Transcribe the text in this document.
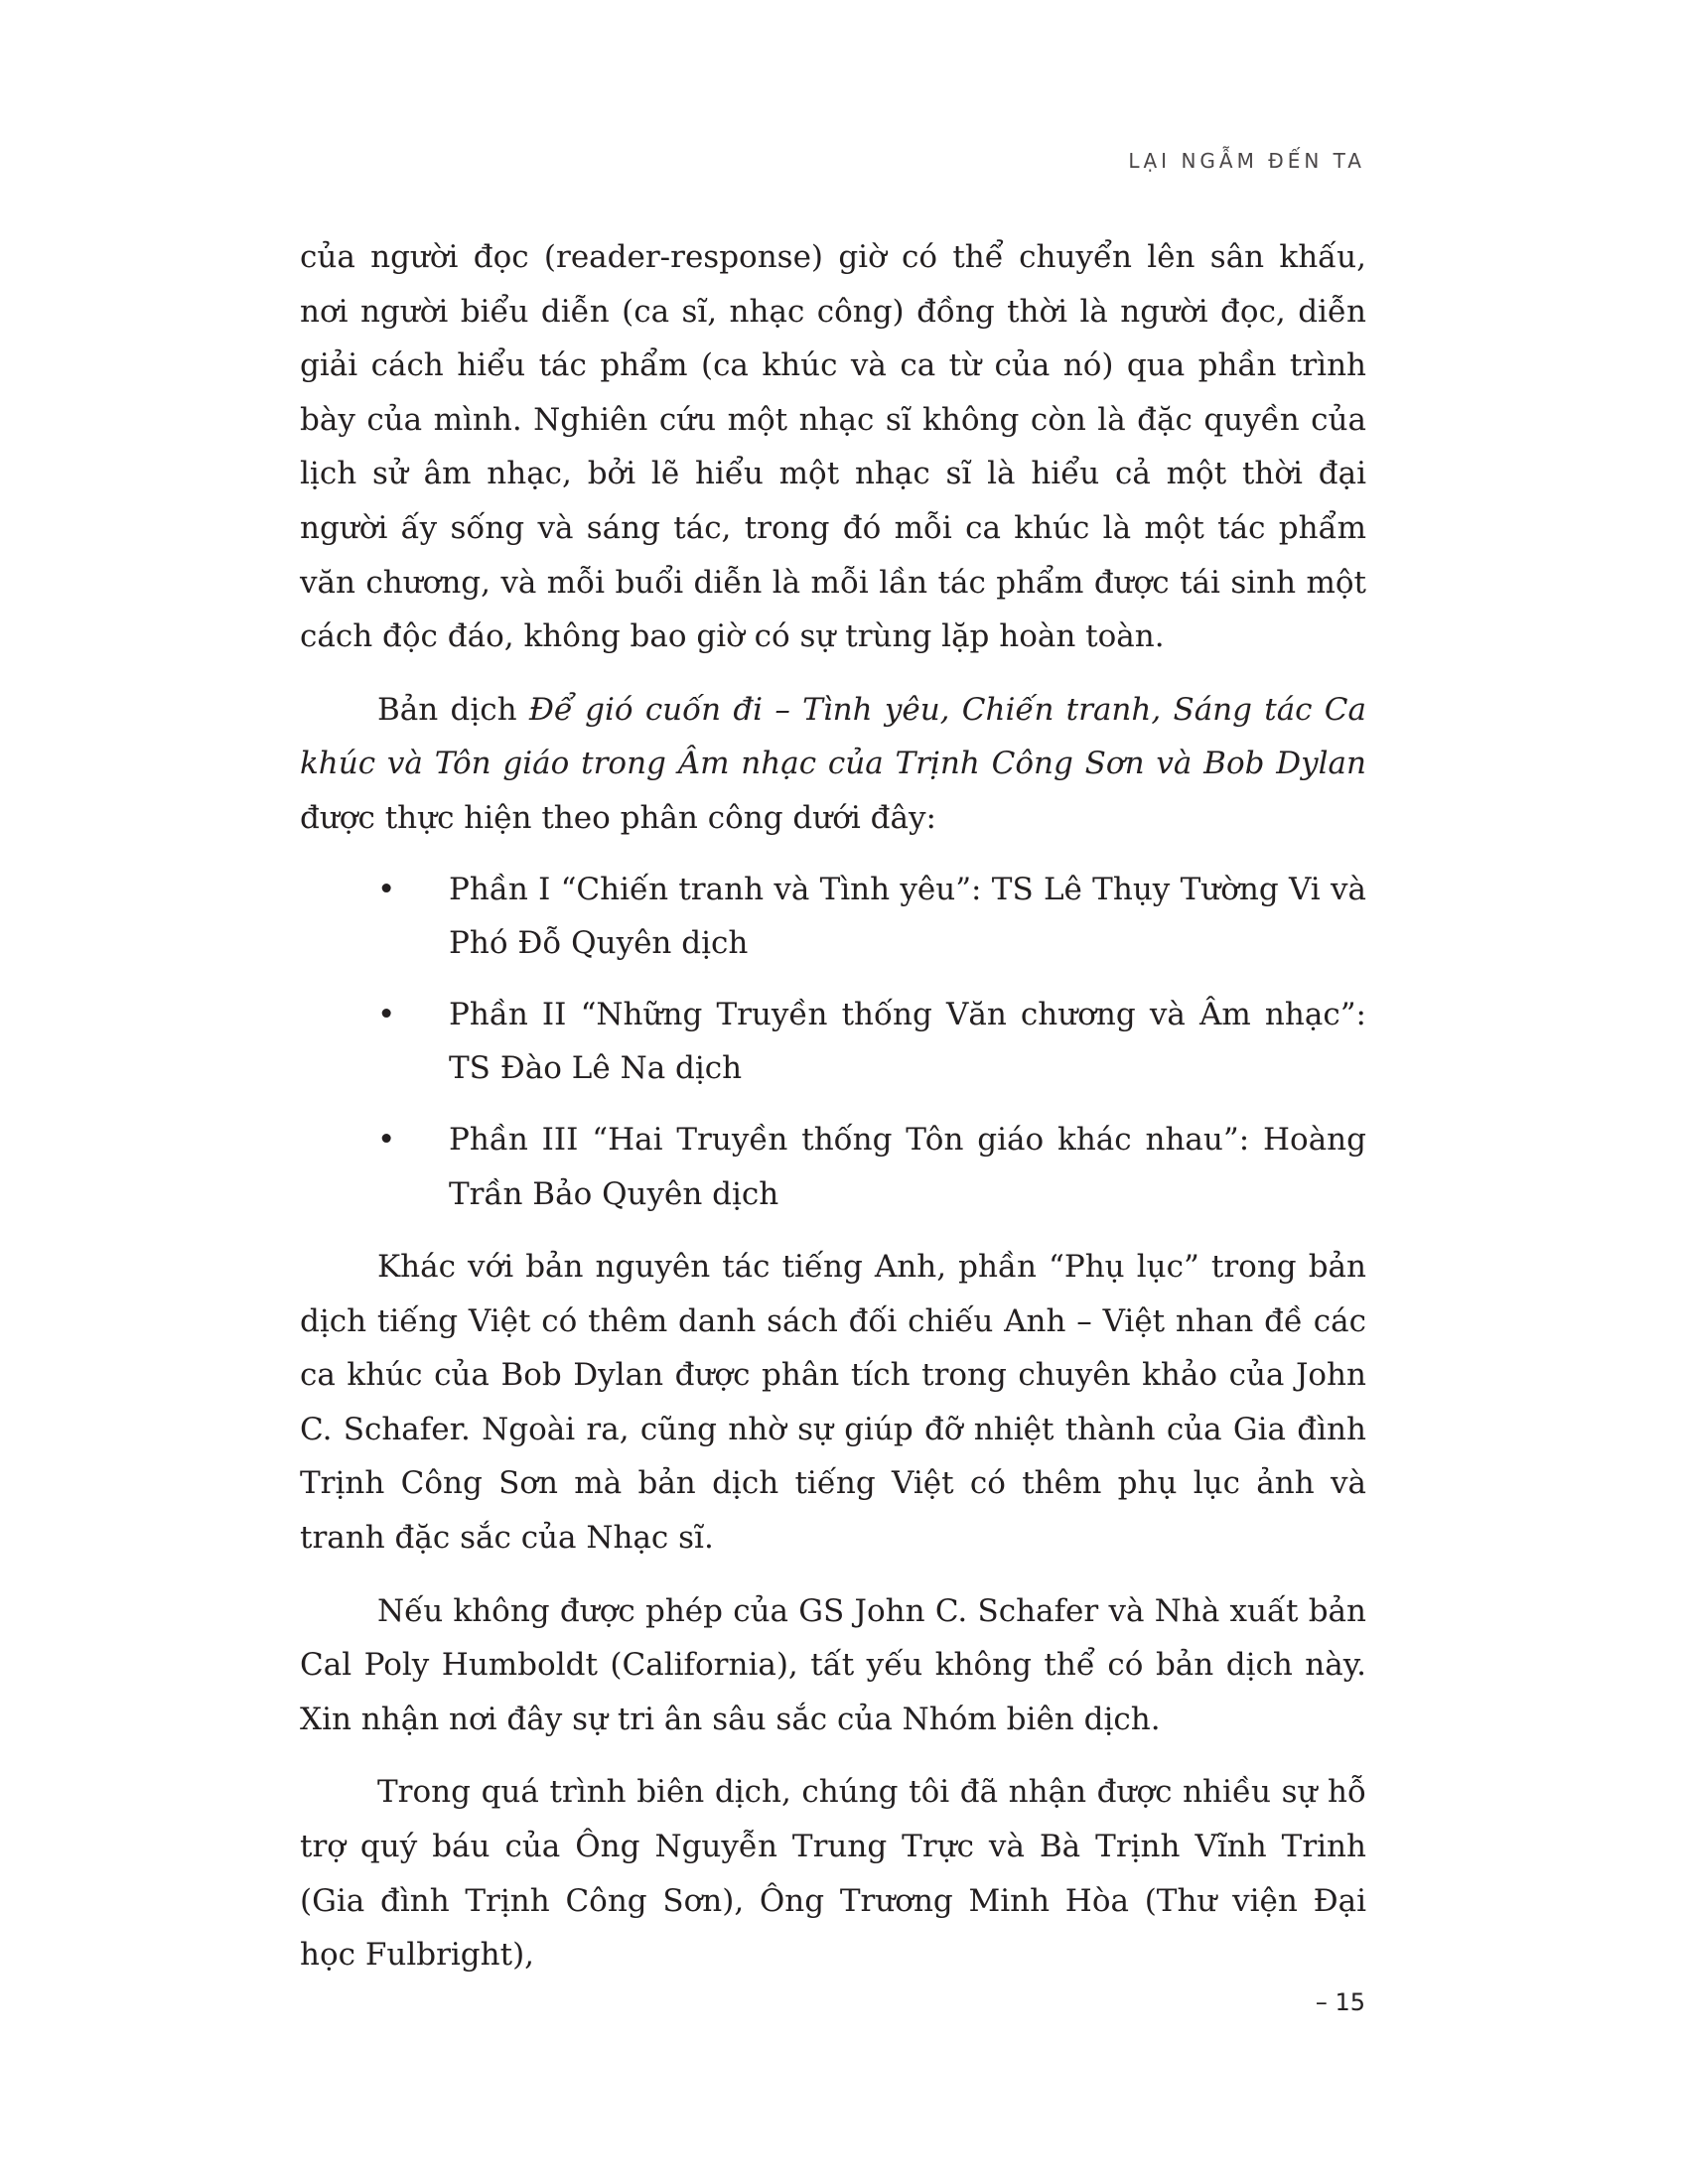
LẠI NGẪM ĐẾN TA

của người đọc (reader-response) giờ có thể chuyển lên sân khấu, nơi người biểu diễn (ca sĩ, nhạc công) đồng thời là người đọc, diễn giải cách hiểu tác phẩm (ca khúc và ca từ của nó) qua phần trình bày của mình. Nghiên cứu một nhạc sĩ không còn là đặc quyền của lịch sử âm nhạc, bởi lẽ hiểu một nhạc sĩ là hiểu cả một thời đại người ấy sống và sáng tác, trong đó mỗi ca khúc là một tác phẩm văn chương, và mỗi buổi diễn là mỗi lần tác phẩm được tái sinh một cách độc đáo, không bao giờ có sự trùng lặp hoàn toàn.

Bản dịch Để gió cuốn đi – Tình yêu, Chiến tranh, Sáng tác Ca khúc và Tôn giáo trong Âm nhạc của Trịnh Công Sơn và Bob Dylan được thực hiện theo phân công dưới đây:

• Phần I “Chiến tranh và Tình yêu”: TS Lê Thụy Tường Vi và Phó Đỗ Quyên dịch
• Phần II “Những Truyền thống Văn chương và Âm nhạc”: TS Đào Lê Na dịch
• Phần III “Hai Truyền thống Tôn giáo khác nhau”: Hoàng Trần Bảo Quyên dịch

Khác với bản nguyên tác tiếng Anh, phần “Phụ lục” trong bản dịch tiếng Việt có thêm danh sách đối chiếu Anh – Việt nhan đề các ca khúc của Bob Dylan được phân tích trong chuyên khảo của John C. Schafer. Ngoài ra, cũng nhờ sự giúp đỡ nhiệt thành của Gia đình Trịnh Công Sơn mà bản dịch tiếng Việt có thêm phụ lục ảnh và tranh đặc sắc của Nhạc sĩ.

Nếu không được phép của GS John C. Schafer và Nhà xuất bản Cal Poly Humboldt (California), tất yếu không thể có bản dịch này. Xin nhận nơi đây sự tri ân sâu sắc của Nhóm biên dịch.

Trong quá trình biên dịch, chúng tôi đã nhận được nhiều sự hỗ trợ quý báu của Ông Nguyễn Trung Trực và Bà Trịnh Vĩnh Trinh (Gia đình Trịnh Công Sơn), Ông Trương Minh Hòa (Thư viện Đại học Fulbright),

– 15
